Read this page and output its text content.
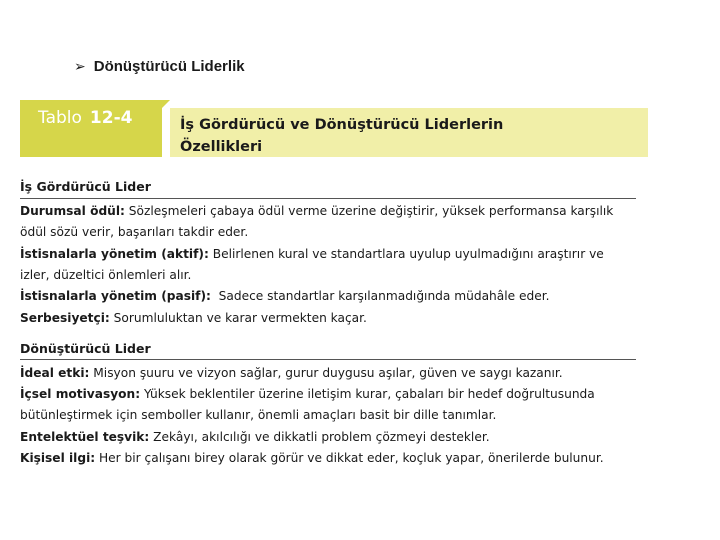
➢ Dönüştürücü Liderlik
Tablo 12-4	İş Gördürücü ve Dönüştürücü Liderlerin
Özellikleri
İş Gördürücü Lider
Durumsal ödül: Sözleşmeleri çabaya ödül verme üzerine değiştirir, yüksek performansa karşılık
ödül sözü verir, başarıları takdir eder.
İstisnalarla yönetim (aktif): Belirlenen kural ve standartlara uyulup uyulmadığını araştırır ve
izler, düzeltici önlemleri alır.
İstisnalarla yönetim (pasif):  Sadece standartlar karşılanmadığında müdahâle eder.
Serbesiyetçi: Sorumluluktan ve karar vermekten kaçar.
Dönüştürücü Lider
İdeal etki: Misyon şuuru ve vizyon sağlar, gurur duygusu aşılar, güven ve saygı kazanır.
İçsel motivasyon: Yüksek beklentiler üzerine iletişim kurar, çabaları bir hedef doğrultusunda
bütünleştirmek için semboller kullanır, önemli amaçları basit bir dille tanımlar.
Entelektüel teşvik: Zekâyı, akılcılığı ve dikkatli problem çözmeyi destekler.
Kişisel ilgi: Her bir çalışanı birey olarak görür ve dikkat eder, koçluk yapar, önerilerde bulunur.
